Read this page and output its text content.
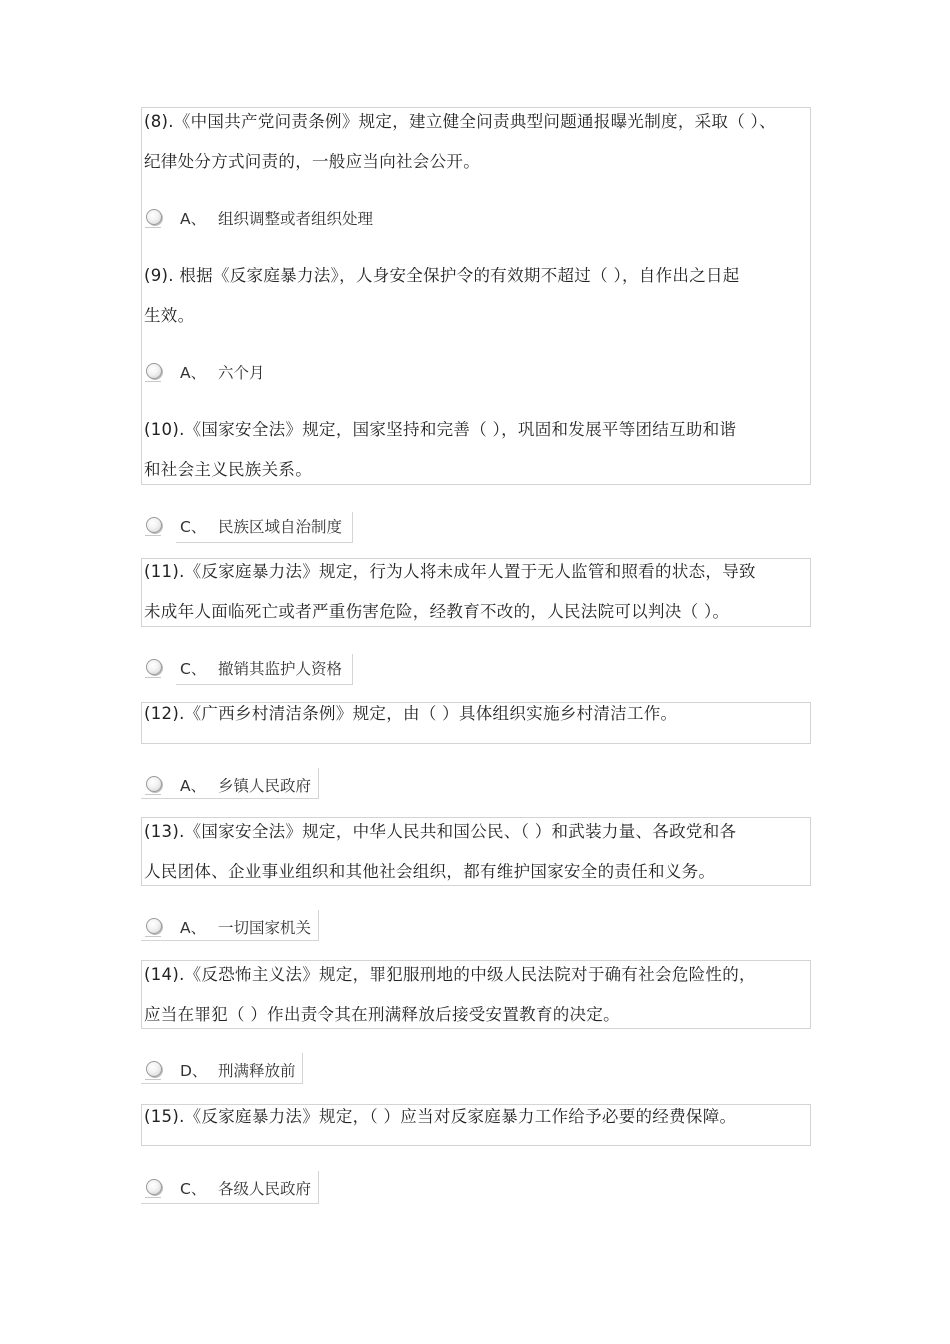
(8).《中国共产党问责条例》规定，建立健全问责典型问题通报曝光制度，采取（ ）、
纪律处分方式问责的，一般应当向社会公开。
A、 组织调整或者组织处理
(9). 根据《反家庭暴力法》，人身安全保护令的有效期不超过（ ），自作出之日起
生效。
A、 六个月
(10).《国家安全法》规定，国家坚持和完善（ ），巩固和发展平等团结互助和谐
和社会主义民族关系。
C、 民族区域自治制度
(11).《反家庭暴力法》规定，行为人将未成年人置于无人监管和照看的状态，导致
未成年人面临死亡或者严重伤害危险，经教育不改的，人民法院可以判决（ ）。
C、 撤销其监护人资格
(12).《广西乡村清洁条例》规定，由（ ）具体组织实施乡村清洁工作。
A、 乡镇人民政府
(13).《国家安全法》规定，中华人民共和国公民、（ ）和武装力量、各政党和各
人民团体、企业事业组织和其他社会组织，都有维护国家安全的责任和义务。
A、 一切国家机关
(14).《反恐怖主义法》规定，罪犯服刑地的中级人民法院对于确有社会危险性的，
应当在罪犯（ ）作出责令其在刑满释放后接受安置教育的决定。
D、 刑满释放前
(15).《反家庭暴力法》规定，（ ）应当对反家庭暴力工作给予必要的经费保障。
C、 各级人民政府
